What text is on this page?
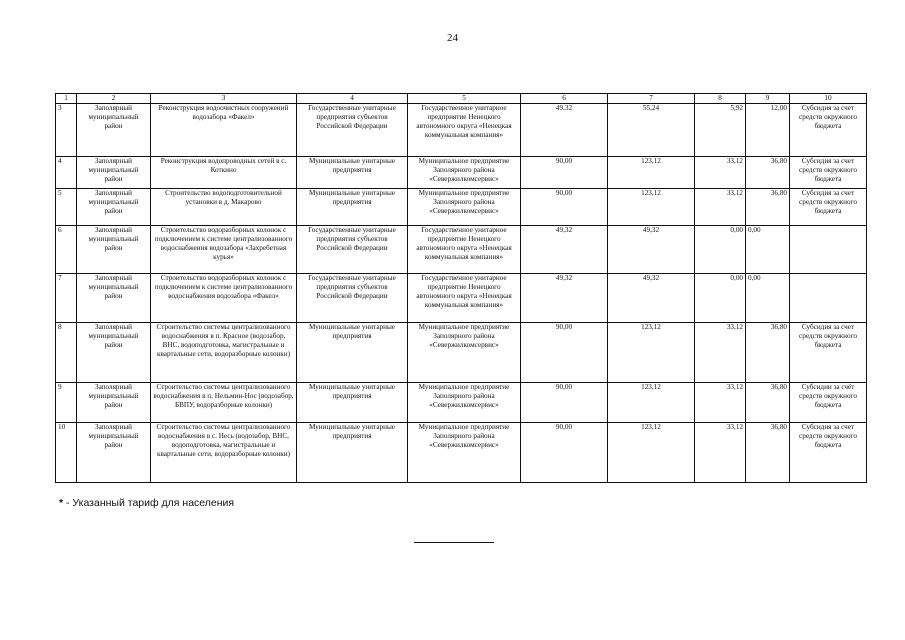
24
1	2	3	4	5	6	7	8	9	10
3	Заполярный муниципальный район	Реконструкция водоочистных сооружений водозабора «Факел»	Государственные унитарные предприятия субъектов Российской Федерации	Государственное унитарное предприятие Ненецкого автономного округа «Ненецкая коммунальная компания»	49,32	55,24	5,92	12,00	Субсидия за счет средств окружного бюджета
4	Заполярный муниципальный район	Реконструкция водопроводных сетей в с. Коткино	Муниципальные унитарные предприятия	Муниципальное предприятие Заполярного района «Севержилкомсервис»	90,00	123,12	33,12	36,80	Субсидия за счет средств окружного бюджета
5	Заполярный муниципальный район	Строительство водоподготовительной установки в д. Макарово	Муниципальные унитарные предприятия	Муниципальное предприятие Заполярного района «Севержилкомсервис»	90,00	123,12	33,12	36,80	Субсидия за счет средств окружного бюджета
6	Заполярный муниципальный район	Строительство водоразборных колонок с подключением к системе централизованного водоснабжения водозабора «Захребетная курья»	Государственные унитарные предприятия субъектов Российской Федерации	Государственное унитарное предприятие Ненецкого автономного округа «Ненецкая коммунальная компания»	49,32	49,32	0,00	0,00	
7	Заполярный муниципальный район	Строительство водоразборных колонок с подключением к системе централизованного водоснабжения водозабора «Факел»	Государственные унитарные предприятия субъектов Российской Федерации	Государственное унитарное предприятие Ненецкого автономного округа «Ненецкая коммунальная компания»	49,32	49,32	0,00	0,00	
8	Заполярный муниципальный район	Строительство системы централизованного водоснабжения в п. Красное (водозабор, ВНС, водоподготовка, магистральные и квартальные сети, водоразборные колонки)	Муниципальные унитарные предприятия	Муниципальное предприятие Заполярного района «Севержилкомсервис»	90,00	123,12	33,12	36,80	Субсидия за счет средств окружного бюджета
9	Заполярный муниципальный район	Строительство системы централизованного водоснабжения в п. Нельмин-Нос (водозабор, БВПУ, водоразборные колонки)	Муниципальные унитарные предприятия	Муниципальное предприятие Заполярного района «Севержилкомсервис»	90,00	123,12	33,12	36,80	Субсидии за счёт средств окружного бюджета
10	Заполярный муниципальный район	Строительство системы централизованного водоснабжения в с. Несь (водозабор, ВНС, водоподготовка, магистральные и квартальные сети, водоразборные колонки)	Муниципальные унитарные предприятия	Муниципальное предприятие Заполярного района «Севержилкомсервис»	90,00	123,12	33,12	36,80	Субсидия за счет средств окружного бюджета
* - Указанный тариф для населения
